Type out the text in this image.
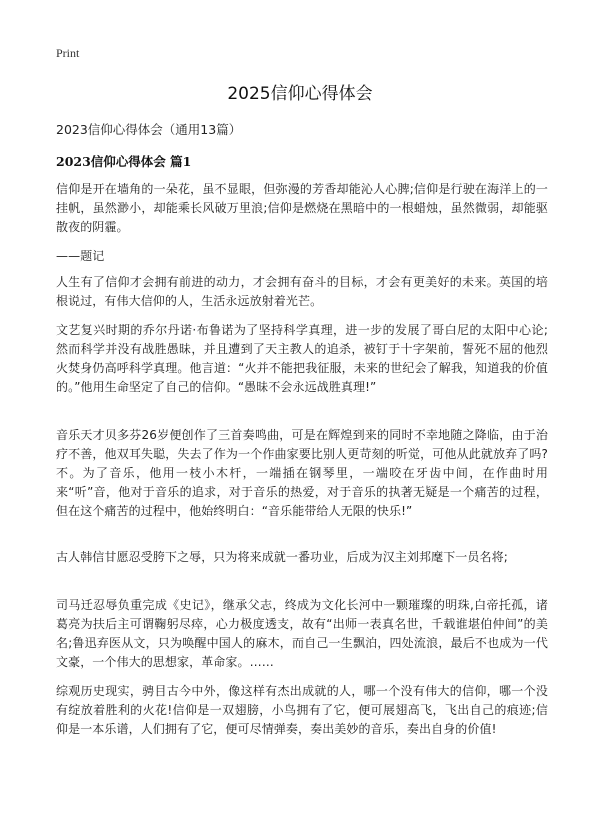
Print
2025信仰心得体会
2023信仰心得体会（通用13篇）
2023信仰心得体会 篇1

信仰是开在墙角的一朵花，虽不显眼，但弥漫的芳香却能沁人心脾;信仰是行驶在海洋上的一挂帆，虽然渺小，却能乘长风破万里浪;信仰是燃烧在黑暗中的一根蜡烛，虽然微弱，却能驱散夜的阴霾。

——题记

人生有了信仰才会拥有前进的动力，才会拥有奋斗的目标，才会有更美好的未来。英国的培根说过，有伟大信仰的人，生活永远放射着光芒。

文艺复兴时期的乔尔丹诺·布鲁诺为了坚持科学真理，进一步的发展了哥白尼的太阳中心论;然而科学并没有战胜愚昧，并且遭到了天主教人的追杀，被钉于十字架前，誓死不屈的他烈火焚身仍高呼科学真理。他言道：“火并不能把我征服，未来的世纪会了解我，知道我的价值的。”他用生命坚定了自己的信仰。“愚昧不会永远战胜真理!”

音乐天才贝多芬26岁便创作了三首奏鸣曲，可是在辉煌到来的同时不幸地随之降临，由于治疗不善，他双耳失聪，失去了作为一个作曲家要比别人更苛刻的听觉，可他从此就放弃了吗?不。为了音乐，他用一枝小木杆，一端插在钢琴里，一端咬在牙齿中间，在作曲时用来“听”音，他对于音乐的追求，对于音乐的热爱，对于音乐的执著无疑是一个痛苦的过程，但在这个痛苦的过程中，他始终明白：“音乐能带给人无限的快乐!”

古人韩信甘愿忍受胯下之辱，只为将来成就一番功业，后成为汉主刘邦麾下一员名将;

司马迁忍辱负重完成《史记》，继承父志，终成为文化长河中一颗璀璨的明珠,白帝托孤，诸葛亮为扶后主可谓鞠躬尽瘁，心力极度透支，故有“出师一表真名世，千载谁堪伯仲间”的美名;鲁迅弃医从文，只为唤醒中国人的麻木，而自己一生飘泊，四处流浪，最后不也成为一代文豪，一个伟大的思想家，革命家。……

综观历史现实，骋目古今中外，像这样有杰出成就的人，哪一个没有伟大的信仰，哪一个没有绽放着胜利的火花!信仰是一双翅膀，小鸟拥有了它，便可展翅高飞，飞出自己的痕迹;信仰是一本乐谱，人们拥有了它，便可尽情弹奏，奏出美妙的音乐，奏出自身的价值!
